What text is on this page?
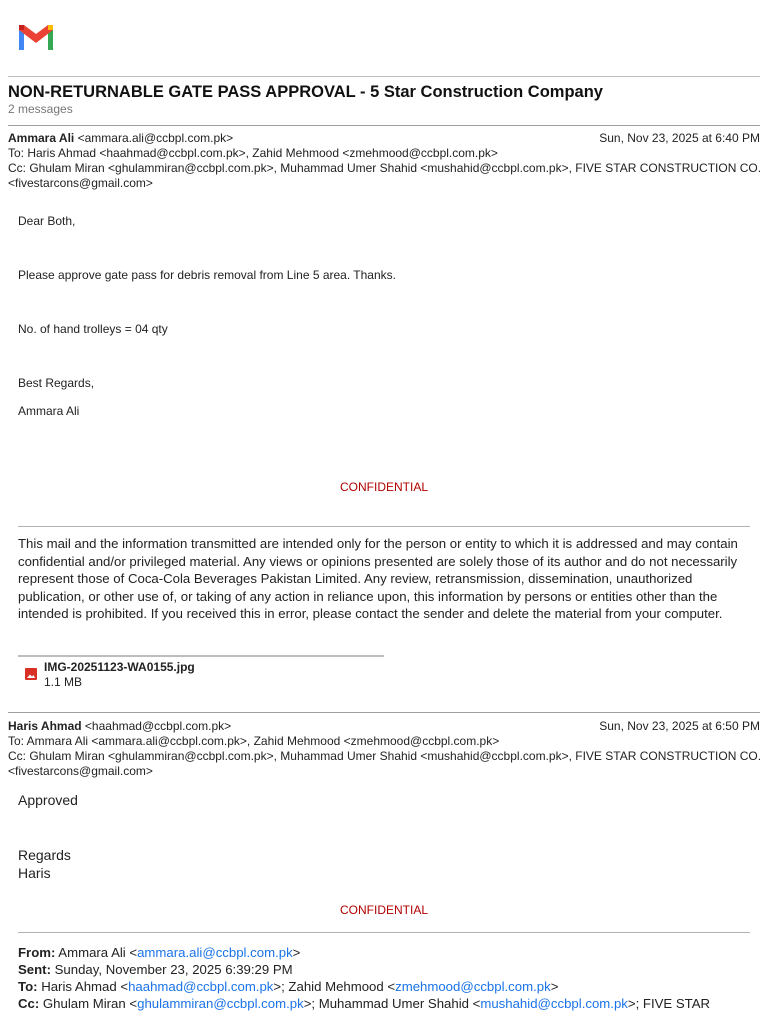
NON-RETURNABLE GATE PASS APPROVAL - 5 Star Construction Company
2 messages
Ammara Ali <ammara.ali@ccbpl.com.pk>	Sun, Nov 23, 2025 at 6:40 PM
To: Haris Ahmad <haahmad@ccbpl.com.pk>, Zahid Mehmood <zmehmood@ccbpl.com.pk>
Cc: Ghulam Miran <ghulammiran@ccbpl.com.pk>, Muhammad Umer Shahid <mushahid@ccbpl.com.pk>, FIVE STAR CONSTRUCTION CO.
<fivestarcons@gmail.com>
Dear Both,
Please approve gate pass for debris removal from Line 5 area. Thanks.
No. of hand trolleys = 04 qty
Best Regards,
Ammara Ali
CONFIDENTIAL
This mail and the information transmitted are intended only for the person or entity to which it is addressed and may contain confidential and/or privileged material. Any views or opinions presented are solely those of its author and do not necessarily represent those of Coca-Cola Beverages Pakistan Limited. Any review, retransmission, dissemination, unauthorized publication, or other use of, or taking of any action in reliance upon, this information by persons or entities other than the intended is prohibited. If you received this in error, please contact the sender and delete the material from your computer.
IMG-20251123-WA0155.jpg
1.1 MB
Haris Ahmad <haahmad@ccbpl.com.pk>	Sun, Nov 23, 2025 at 6:50 PM
To: Ammara Ali <ammara.ali@ccbpl.com.pk>, Zahid Mehmood <zmehmood@ccbpl.com.pk>
Cc: Ghulam Miran <ghulammiran@ccbpl.com.pk>, Muhammad Umer Shahid <mushahid@ccbpl.com.pk>, FIVE STAR CONSTRUCTION CO.
<fivestarcons@gmail.com>
Approved
Regards
Haris
CONFIDENTIAL
From: Ammara Ali <ammara.ali@ccbpl.com.pk>
Sent: Sunday, November 23, 2025 6:39:29 PM
To: Haris Ahmad <haahmad@ccbpl.com.pk>; Zahid Mehmood <zmehmood@ccbpl.com.pk>
Cc: Ghulam Miran <ghulammiran@ccbpl.com.pk>; Muhammad Umer Shahid <mushahid@ccbpl.com.pk>; FIVE STAR
